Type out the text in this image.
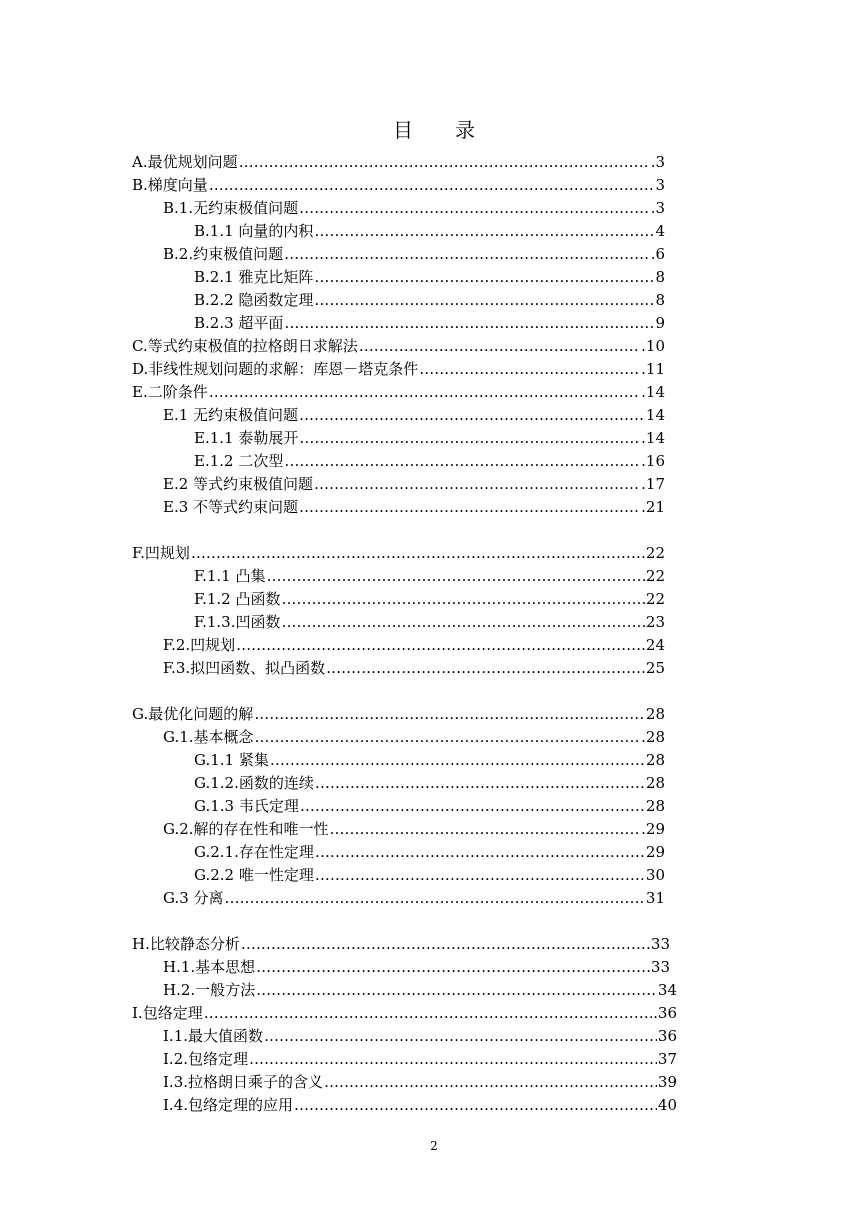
目 录
A.最优规划问题 ………………………………………………………………………………………………………………………………………………………	.3
B.梯度向量 ………………………………………………………………………………………………………………………………………………………	3
B.1.无约束极值问题 ………………………………………………………………………………………………………………………………………………………	.3
B.1.1 向量的内积 ………………………………………………………………………………………………………………………………………………………	4
B.2.约束极值问题 ………………………………………………………………………………………………………………………………………………………	.6
B.2.1 雅克比矩阵 ………………………………………………………………………………………………………………………………………………………	8
B.2.2 隐函数定理 ………………………………………………………………………………………………………………………………………………………	8
B.2.3 超平面 ………………………………………………………………………………………………………………………………………………………	9
C.等式约束极值的拉格朗日求解法 ………………………………………………………………………………………………………………………………………………………	.10
D.非线性规划问题的求解：库恩－塔克条件 ………………………………………………………………………………………………………………………………………………………	.11
E.二阶条件 ………………………………………………………………………………………………………………………………………………………	.14
E.1 无约束极值问题 ………………………………………………………………………………………………………………………………………………………	14
E.1.1 泰勒展开 ………………………………………………………………………………………………………………………………………………………	.14
E.1.2 二次型 ………………………………………………………………………………………………………………………………………………………	.16
E.2 等式约束极值问题 ………………………………………………………………………………………………………………………………………………………	.17
E.3 不等式约束问题 ………………………………………………………………………………………………………………………………………………………	.21
F.凹规划 ………………………………………………………………………………………………………………………………………………………	22
F.1.1 凸集 ………………………………………………………………………………………………………………………………………………………	22
F.1.2 凸函数 ………………………………………………………………………………………………………………………………………………………	22
F.1.3.凹函数 ………………………………………………………………………………………………………………………………………………………	23
F.2.凹规划 ………………………………………………………………………………………………………………………………………………………	.24
F.3.拟凹函数、拟凸函数 ………………………………………………………………………………………………………………………………………………………	.25
G.最优化问题的解 ………………………………………………………………………………………………………………………………………………………	28
G.1.基本概念 ………………………………………………………………………………………………………………………………………………………	.28
G.1.1 紧集 ………………………………………………………………………………………………………………………………………………………	28
G.1.2.函数的连续 ………………………………………………………………………………………………………………………………………………………	28
G.1.3 韦氏定理 ………………………………………………………………………………………………………………………………………………………	28
G.2.解的存在性和唯一性 ………………………………………………………………………………………………………………………………………………………	.29
G.2.1.存在性定理 ………………………………………………………………………………………………………………………………………………………	29
G.2.2 唯一性定理 ………………………………………………………………………………………………………………………………………………………	30
G.3 分离 ………………………………………………………………………………………………………………………………………………………	31
H.比较静态分析 ………………………………………………………………………………………………………………………………………………………	33
H.1.基本思想 ………………………………………………………………………………………………………………………………………………………	33
H.2.一般方法 ………………………………………………………………………………………………………………………………………………………	34
I.包络定理 ………………………………………………………………………………………………………………………………………………………	.36
I.1.最大值函数 ………………………………………………………………………………………………………………………………………………………	36
I.2.包络定理 ………………………………………………………………………………………………………………………………………………………	37
I.3.拉格朗日乘子的含义 ………………………………………………………………………………………………………………………………………………………	39
I.4.包络定理的应用 ………………………………………………………………………………………………………………………………………………………	40
2
